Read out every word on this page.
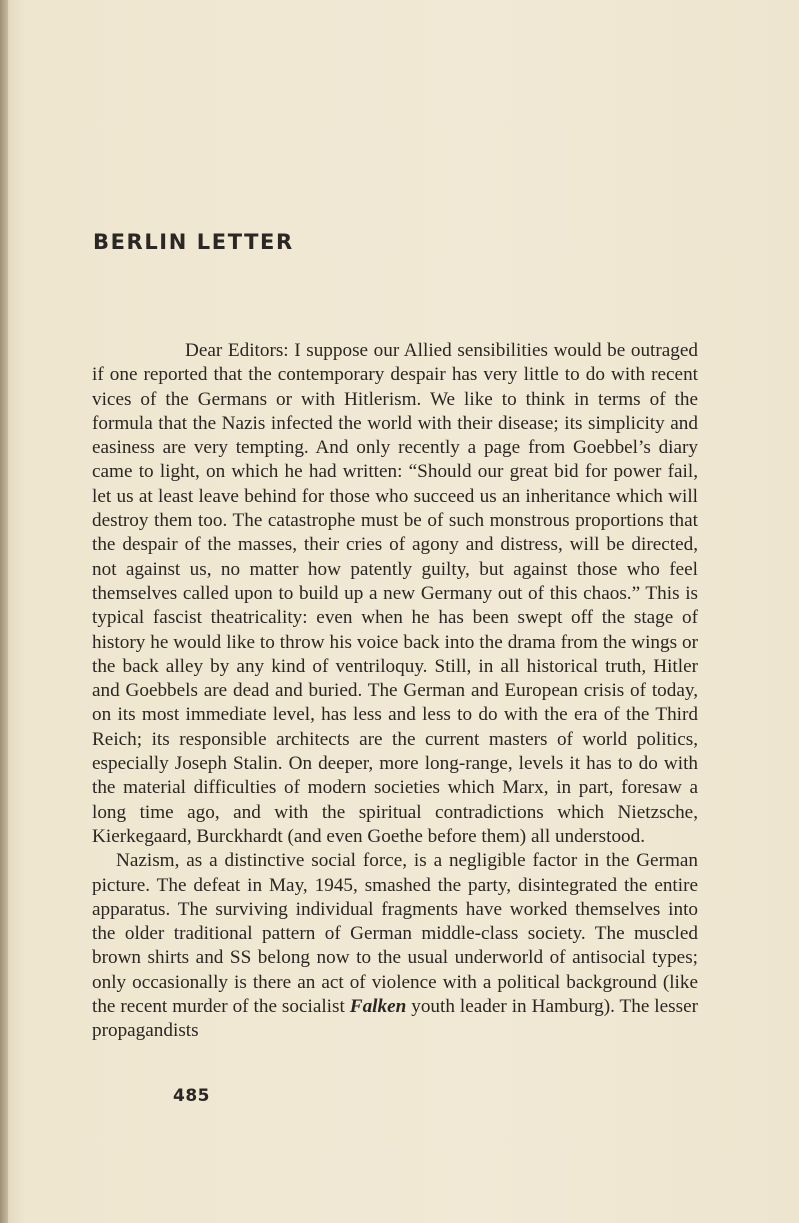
BERLIN LETTER

Dear Editors: I suppose our Allied sensibilities would be outraged if one reported that the contemporary despair has very little to do with recent vices of the Germans or with Hitlerism. We like to think in terms of the formula that the Nazis infected the world with their disease; its simplicity and easiness are very tempting. And only recently a page from Goebbel’s diary came to light, on which he had written: “Should our great bid for power fail, let us at least leave behind for those who succeed us an inheritance which will destroy them too. The catastrophe must be of such monstrous proportions that the despair of the masses, their cries of agony and distress, will be directed, not against us, no matter how patently guilty, but against those who feel themselves called upon to build up a new Germany out of this chaos.” This is typical fascist theatricality: even when he has been swept off the stage of history he would like to throw his voice back into the drama from the wings or the back alley by any kind of ventriloquy. Still, in all historical truth, Hitler and Goebbels are dead and buried. The German and European crisis of today, on its most immediate level, has less and less to do with the era of the Third Reich; its responsible architects are the current masters of world politics, especially Joseph Stalin. On deeper, more long-range, levels it has to do with the material difficulties of modern societies which Marx, in part, foresaw a long time ago, and with the spiritual contradictions which Nietzsche, Kierkegaard, Burckhardt (and even Goethe before them) all understood.

Nazism, as a distinctive social force, is a negligible factor in the German picture. The defeat in May, 1945, smashed the party, disintegrated the entire apparatus. The surviving individual fragments have worked themselves into the older traditional pattern of German middle-class society. The muscled brown shirts and SS belong now to the usual underworld of antisocial types; only occasionally is there an act of violence with a political background (like the recent murder of the socialist Falken youth leader in Hamburg). The lesser propagandists

485
